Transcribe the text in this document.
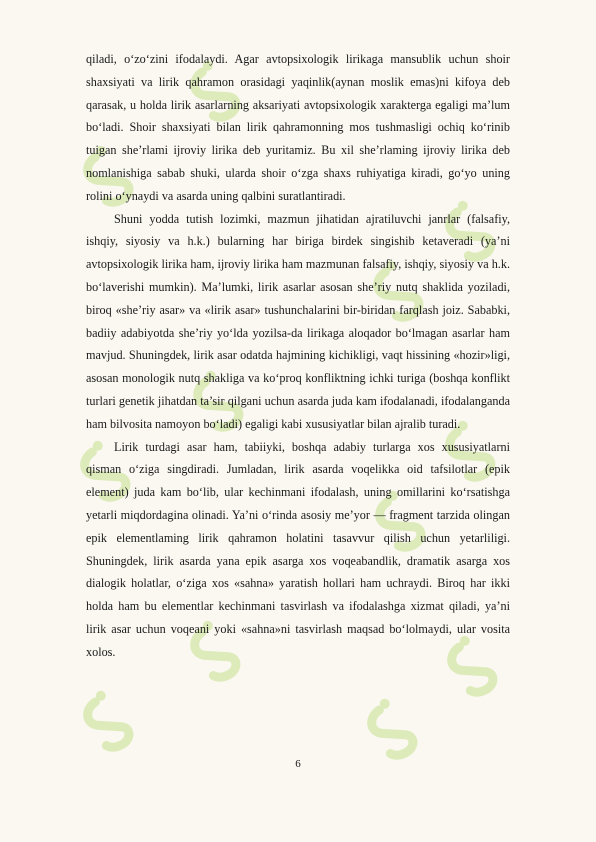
qiladi, o‘zo‘zini ifodalaydi. Agar avtopsixologik lirikaga mansublik uchun shoir shaxsiyati va lirik qahramon orasidagi yaqinlik(aynan moslik emas)ni kifoya deb qarasak, u holda lirik asarlarning aksariyati avtopsixologik xarakterga egaligi ma’lum bo‘ladi. Shoir shaxsiyati bilan lirik qahramonning mos tushmasligi ochiq ko‘rinib tuigan she’rlami ijroviy lirika deb yuritamiz. Bu xil she’rlaming ijroviy lirika deb nomlanishiga sabab shuki, ularda shoir o‘zga shaxs ruhiyatiga kiradi, go‘yo uning rolini o‘ynaydi va asarda uning qalbini suratlantiradi.

Shuni yodda tutish lozimki, mazmun jihatidan ajratiluvchi janrlar (falsafiy, ishqiy, siyosiy va h.k.) bularning har biriga birdek singishib ketaveradi (ya’ni avtopsixologik lirika ham, ijroviy lirika ham mazmunan falsafiy, ishqiy, siyosiy va h.k. bo‘laverishi mumkin). Ma’lumki, lirik asarlar asosan she’riy nutq shaklida yoziladi, biroq «she’riy asar» va «lirik asar» tushunchalarini bir-biridan farqlash joiz. Sababki, badiiy adabiyotda she’riy yo‘lda yozilsa-da lirikaga aloqador bo‘lmagan asarlar ham mavjud. Shuningdek, lirik asar odatda hajmining kichikligi, vaqt hissining «hozir»ligi, asosan monologik nutq shakliga va ko‘proq konfliktning ichki turiga (boshqa konflikt turlari genetik jihatdan ta’sir qilgani uchun asarda juda kam ifodalanadi, ifodalanganda ham bilvosita namoyon bo‘ladi) egaligi kabi xususiyatlar bilan ajralib turadi.

Lirik turdagi asar ham, tabiiyki, boshqa adabiy turlarga xos xususiyatlarni qisman o‘ziga singdiradi. Jumladan, lirik asarda voqelikka oid tafsilotlar (epik element) juda kam bo‘lib, ular kechinmani ifodalash, uning omillarini ko‘rsatishga yetarli miqdordagina olinadi. Ya’ni o‘rinda asosiy me’yor — fragment tarzida olingan epik elementlaming lirik qahramon holatini tasavvur qilish uchun yetarliligi. Shuningdek, lirik asarda yana epik asarga xos voqeabandlik, dramatik asarga xos dialogik holatlar, o‘ziga xos «sahna» yaratish hollari ham uchraydi. Biroq har ikki holda ham bu elementlar kechinmani tasvirlash va ifodalashga xizmat qiladi, ya’ni lirik asar uchun voqeani yoki «sahna»ni tasvirlash maqsad bo‘lolmaydi, ular vosita xolos.

6
